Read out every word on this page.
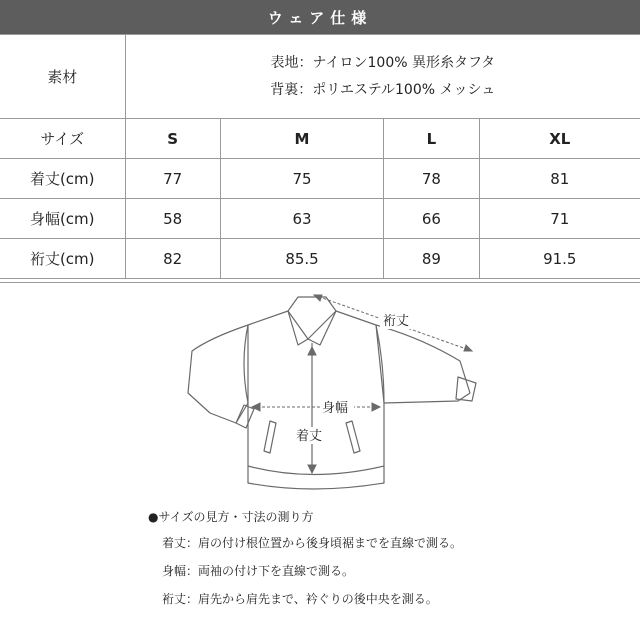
ウェア仕様
素材	表地：ナイロン100% 異形糸タフタ
背裏：ポリエステル100% メッシュ			

サイズ	S	M	L	XL
着丈(cm)	77	75	78	81
身幅(cm)	58	63	66	71
裄丈(cm)	82	85.5	89	91.5
裄丈
身幅
着丈
●サイズの見方・寸法の測り方
着丈：肩の付け根位置から後身頃裾までを直線で測る。
身幅：両袖の付け下を直線で測る。
裄丈：肩先から肩先まで、衿ぐりの後中央を測る。
